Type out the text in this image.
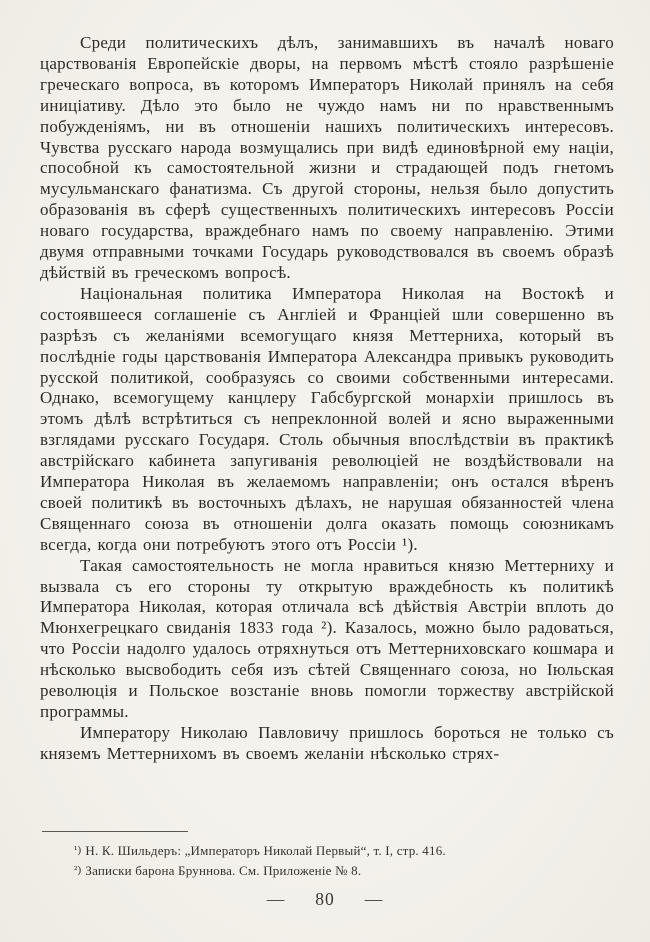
Среди политическихъ дѣлъ, занимавшихъ въ началѣ новаго царствованія Европейскіе дворы, на первомъ мѣстѣ стояло разрѣшеніе греческаго вопроса, въ которомъ Императоръ Николай принялъ на себя иниціативу. Дѣло это было не чуждо намъ ни по нравственнымъ побужденіямъ, ни въ отношеніи нашихъ политическихъ интересовъ. Чувства русскаго народа возмущались при видѣ единовѣрной ему націи, способной къ самостоятельной жизни и страдающей подъ гнетомъ мусульманскаго фанатизма. Съ другой стороны, нельзя было допустить образованія въ сферѣ существенныхъ политическихъ интересовъ Россіи новаго государства, враждебнаго намъ по своему направленію. Этими двумя отправными точками Государь руководствовался въ своемъ образѣ дѣйствій въ греческомъ вопросѣ.

Національная политика Императора Николая на Востокѣ и состоявшееся соглашеніе съ Англіей и Франціей шли совершенно въ разрѣзъ съ желаніями всемогущаго князя Меттерниха, который въ послѣдніе годы царствованія Императора Александра привыкъ руководить русской политикой, сообразуясь со своими собственными интересами. Однако, всемогущему канцлеру Габсбургской монархіи пришлось въ этомъ дѣлѣ встрѣтиться съ непреклонной волей и ясно выраженными взглядами русскаго Государя. Столь обычныя впослѣдствіи въ практикѣ австрійскаго кабинета запугиванія революціей не воздѣйствовали на Императора Николая въ желаемомъ направленіи; онъ остался вѣренъ своей политикѣ въ восточныхъ дѣлахъ, не нарушая обязанностей члена Священнаго союза въ отношеніи долга оказать помощь союзникамъ всегда, когда они потребуютъ этого отъ Россіи ¹).

Такая самостоятельность не могла нравиться князю Меттерниху и вызвала съ его стороны ту открытую враждебность къ политикѣ Императора Николая, которая отличала всѣ дѣйствія Австріи вплоть до Мюнхегрецкаго свиданія 1833 года ²). Казалось, можно было радоваться, что Россіи надолго удалось отряхнуться отъ Меттерниховскаго кошмара и нѣсколько высвободить себя изъ сѣтей Священнаго союза, но Іюльская революція и Польское возстаніе вновь помогли торжеству австрійской программы.

Императору Николаю Павловичу пришлось бороться не только съ княземъ Меттернихомъ въ своемъ желаніи нѣсколько стрях-

¹) Н. К. Шильдеръ: „Императоръ Николай Первый“, т. I, стр. 416.

²) Записки барона Бруннова. См. Приложеніе № 8.

— 80 —
